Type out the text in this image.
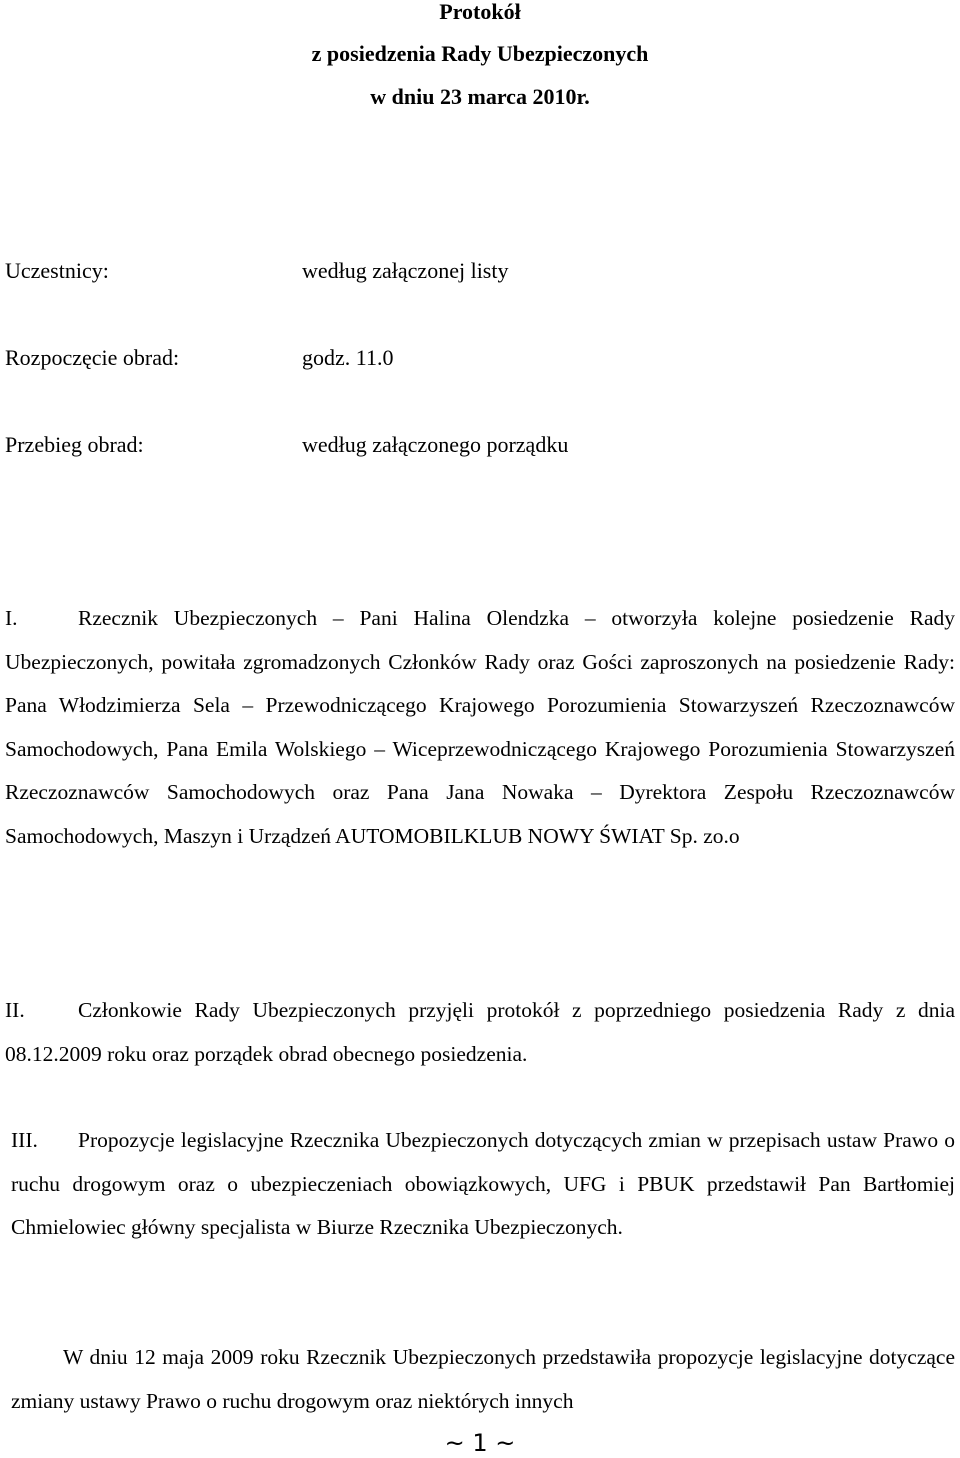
Protokół
z posiedzenia Rady Ubezpieczonych
w dniu 23 marca 2010r.
Uczestnicy:	według załączonej listy
Rozpoczęcie obrad:	godz. 11.0
Przebieg obrad:	według załączonego porządku
I.	Rzecznik Ubezpieczonych – Pani Halina Olendzka – otworzyła kolejne posiedzenie Rady Ubezpieczonych, powitała zgromadzonych Członków Rady oraz Gości zaproszonych na posiedzenie Rady: Pana Włodzimierza Sela – Przewodniczącego Krajowego Porozumienia Stowarzyszeń Rzeczoznawców Samochodowych, Pana Emila Wolskiego – Wiceprzewodniczącego Krajowego Porozumienia Stowarzyszeń Rzeczoznawców Samochodowych oraz Pana Jana Nowaka – Dyrektora Zespołu Rzeczoznawców Samochodowych, Maszyn i Urządzeń AUTOMOBILKLUB NOWY ŚWIAT Sp. zo.o
II. Członkowie Rady Ubezpieczonych przyjęli protokół z poprzedniego posiedzenia Rady z dnia 08.12.2009 roku oraz porządek obrad obecnego posiedzenia.
III. Propozycje legislacyjne Rzecznika Ubezpieczonych dotyczących zmian w przepisach ustaw Prawo o ruchu drogowym oraz o ubezpieczeniach obowiązkowych, UFG i PBUK przedstawił Pan Bartłomiej Chmielowiec główny specjalista w Biurze Rzecznika Ubezpieczonych.
W dniu 12 maja 2009 roku Rzecznik Ubezpieczonych przedstawiła propozycje legislacyjne dotyczące zmiany ustawy Prawo o ruchu drogowym oraz niektórych innych
~ 1 ~
